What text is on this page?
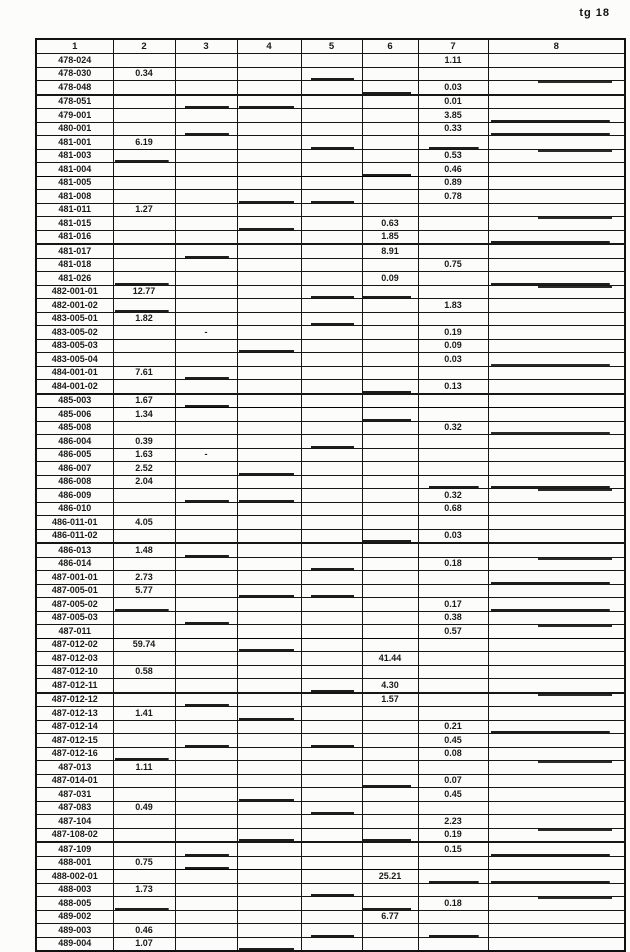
tg 18
1	2	3	4	5	6	7	8
478-024						1.11	
478-030	0.34						
478-048						0.03	
478-051						0.01	
479-001						3.85	
480-001						0.33	
481-001	6.19						
481-003						0.53	
481-004						0.46	
481-005						0.89	
481-008						0.78	
481-011	1.27						
481-015					0.63		
481-016					1.85		
481-017					8.91		
481-018						0.75	
481-026					0.09		
482-001-01	12.77						
482-001-02						1.83	
483-005-01	1.82						
483-005-02		-				0.19	
483-005-03						0.09	
483-005-04						0.03	
484-001-01	7.61						
484-001-02						0.13	
485-003	1.67						
485-006	1.34						
485-008						0.32	
486-004	0.39						
486-005	1.63	-					
486-007	2.52						
486-008	2.04						
486-009						0.32	
486-010						0.68	
486-011-01	4.05						
486-011-02						0.03	
486-013	1.48						
486-014						0.18	
487-001-01	2.73						
487-005-01	5.77						
487-005-02						0.17	
487-005-03						0.38	
487-011						0.57	
487-012-02	59.74						
487-012-03					41.44		
487-012-10	0.58						
487-012-11					4.30		
487-012-12					1.57		
487-012-13	1.41						
487-012-14						0.21	
487-012-15						0.45	
487-012-16						0.08	
487-013	1.11						
487-014-01						0.07	
487-031						0.45	
487-083	0.49						
487-104						2.23	
487-108-02						0.19	
487-109						0.15	
488-001	0.75						
488-002-01					25.21		
488-003	1.73						
488-005						0.18	
489-002					6.77		
489-003	0.46						
489-004	1.07						
